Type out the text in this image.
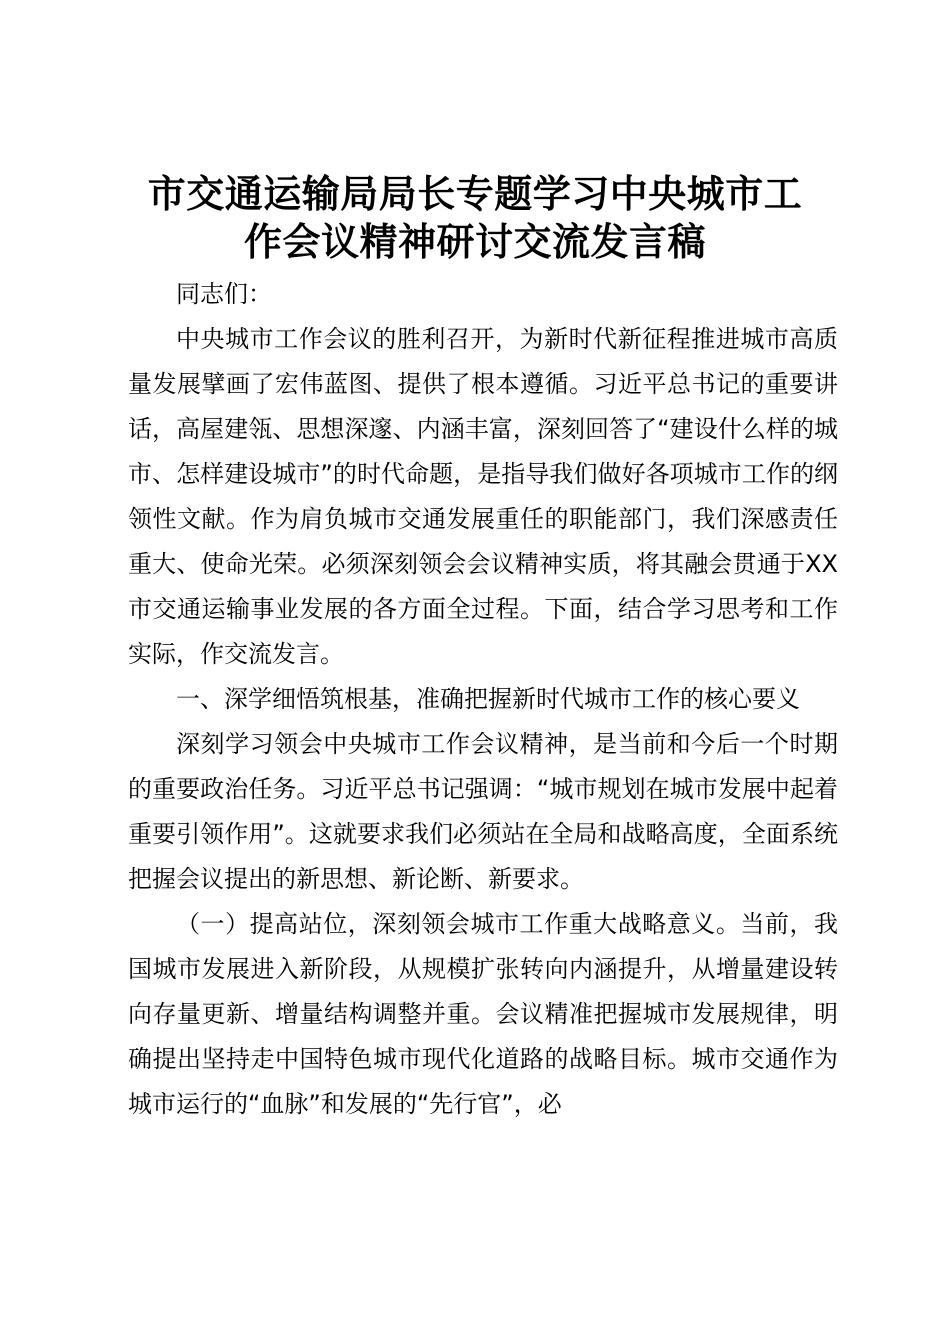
市交通运输局局长专题学习中央城市工
作会议精神研讨交流发言稿

同志们：

中央城市工作会议的胜利召开，为新时代新征程推进城市高质量发展擘画了宏伟蓝图、提供了根本遵循。习近平总书记的重要讲话，高屋建瓴、思想深邃、内涵丰富，深刻回答了“建设什么样的城市、怎样建设城市”的时代命题，是指导我们做好各项城市工作的纲领性文献。作为肩负城市交通发展重任的职能部门，我们深感责任重大、使命光荣。必须深刻领会会议精神实质，将其融会贯通于XX市交通运输事业发展的各方面全过程。下面，结合学习思考和工作实际，作交流发言。

一、深学细悟筑根基，准确把握新时代城市工作的核心要义

深刻学习领会中央城市工作会议精神，是当前和今后一个时期的重要政治任务。习近平总书记强调：“城市规划在城市发展中起着重要引领作用”。这就要求我们必须站在全局和战略高度，全面系统把握会议提出的新思想、新论断、新要求。

（一）提高站位，深刻领会城市工作重大战略意义。当前，我国城市发展进入新阶段，从规模扩张转向内涵提升，从增量建设转向存量更新、增量结构调整并重。会议精准把握城市发展规律，明确提出坚持走中国特色城市现代化道路的战略目标。城市交通作为城市运行的“血脉”和发展的“先行官”，必
